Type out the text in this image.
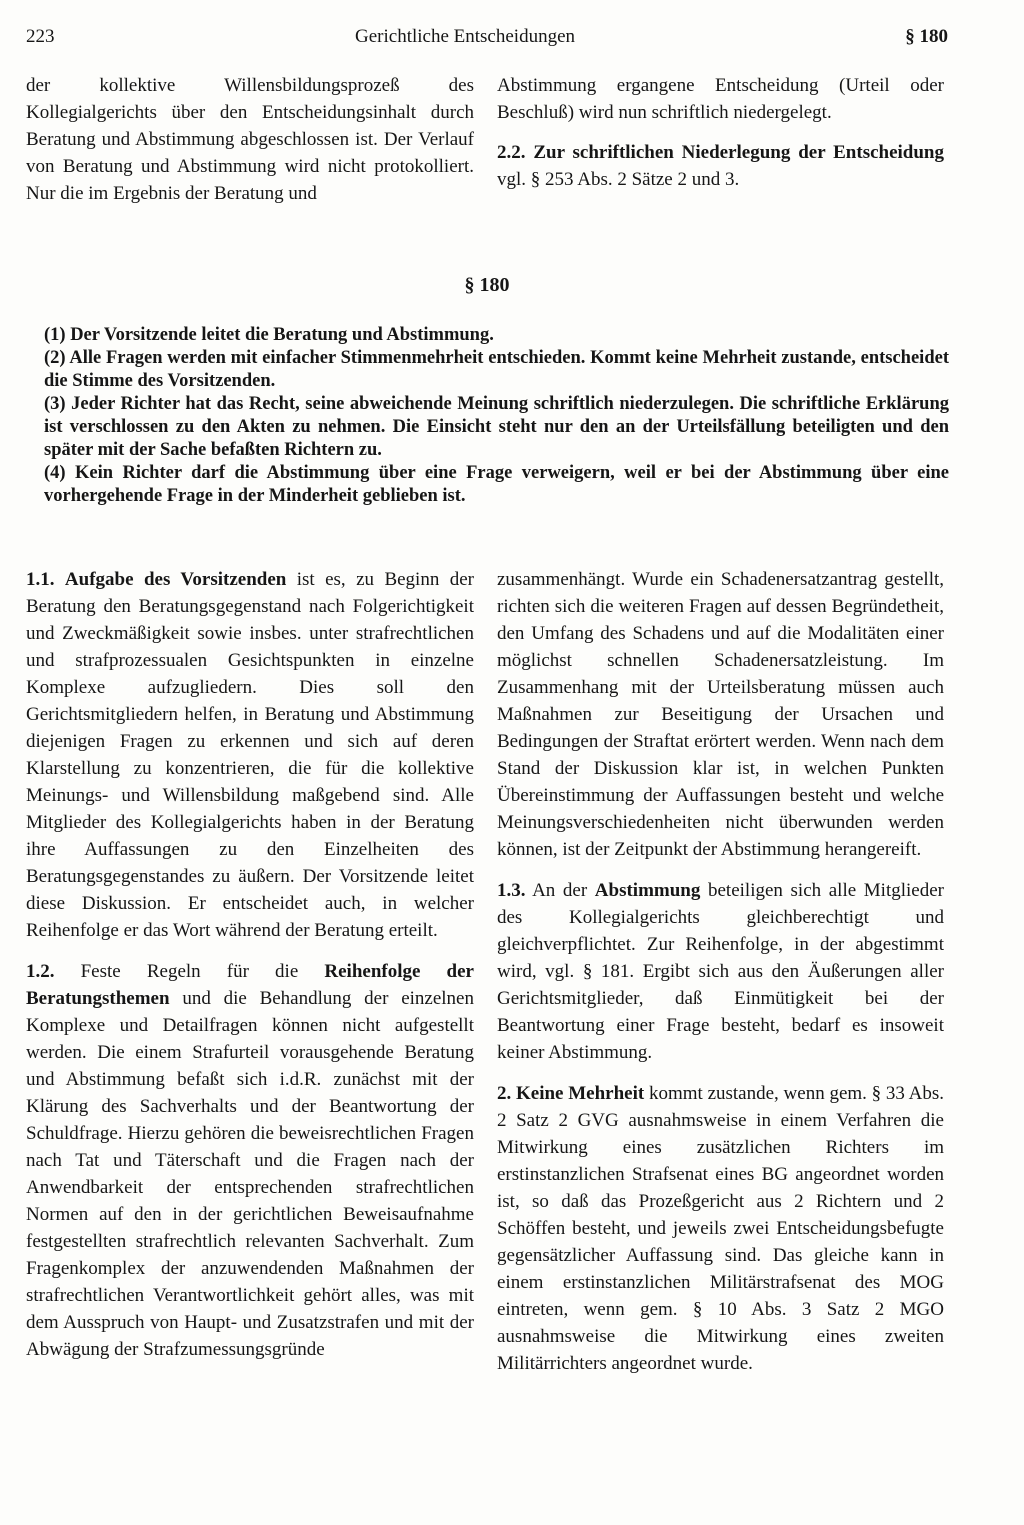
223	Gerichtliche Entscheidungen	§ 180

der kollektive Willensbildungsprozeß des Kollegialgerichts über den Entscheidungsinhalt durch Beratung und Abstimmung abgeschlossen ist. Der Verlauf von Beratung und Abstimmung wird nicht protokolliert. Nur die im Ergebnis der Beratung und

Abstimmung ergangene Entscheidung (Urteil oder Beschluß) wird nun schriftlich niedergelegt.

2.2. Zur schriftlichen Niederlegung der Entscheidung vgl. § 253 Abs. 2 Sätze 2 und 3.

§ 180

(1) Der Vorsitzende leitet die Beratung und Abstimmung.

(2) Alle Fragen werden mit einfacher Stimmenmehrheit entschieden. Kommt keine Mehrheit zustande, entscheidet die Stimme des Vorsitzenden.

(3) Jeder Richter hat das Recht, seine abweichende Meinung schriftlich niederzulegen. Die schriftliche Erklärung ist verschlossen zu den Akten zu nehmen. Die Einsicht steht nur den an der Urteilsfällung beteiligten und den später mit der Sache befaßten Richtern zu.

(4) Kein Richter darf die Abstimmung über eine Frage verweigern, weil er bei der Abstimmung über eine vorhergehende Frage in der Minderheit geblieben ist.

1.1. Aufgabe des Vorsitzenden ist es, zu Beginn der Beratung den Beratungsgegenstand nach Folgerichtigkeit und Zweckmäßigkeit sowie insbes. unter strafrechtlichen und strafprozessualen Gesichtspunkten in einzelne Komplexe aufzugliedern. Dies soll den Gerichtsmitgliedern helfen, in Beratung und Abstimmung diejenigen Fragen zu erkennen und sich auf deren Klarstellung zu konzentrieren, die für die kollektive Meinungs- und Willensbildung maßgebend sind. Alle Mitglieder des Kollegialgerichts haben in der Beratung ihre Auffassungen zu den Einzelheiten des Beratungsgegenstandes zu äußern. Der Vorsitzende leitet diese Diskussion. Er entscheidet auch, in welcher Reihenfolge er das Wort während der Beratung erteilt.

1.2. Feste Regeln für die Reihenfolge der Beratungsthemen und die Behandlung der einzelnen Komplexe und Detailfragen können nicht aufgestellt werden. Die einem Strafurteil vorausgehende Beratung und Abstimmung befaßt sich i.d.R. zunächst mit der Klärung des Sachverhalts und der Beantwortung der Schuldfrage. Hierzu gehören die beweisrechtlichen Fragen nach Tat und Täterschaft und die Fragen nach der Anwendbarkeit der entsprechenden strafrechtlichen Normen auf den in der gerichtlichen Beweisaufnahme festgestellten strafrechtlich relevanten Sachverhalt. Zum Fragenkomplex der anzuwendenden Maßnahmen der strafrechtlichen Verantwortlichkeit gehört alles, was mit dem Ausspruch von Haupt- und Zusatzstrafen und mit der Abwägung der Strafzumessungsgründe

zusammenhängt. Wurde ein Schadenersatzantrag gestellt, richten sich die weiteren Fragen auf dessen Begründetheit, den Umfang des Schadens und auf die Modalitäten einer möglichst schnellen Schadenersatzleistung. Im Zusammenhang mit der Urteilsberatung müssen auch Maßnahmen zur Beseitigung der Ursachen und Bedingungen der Straftat erörtert werden. Wenn nach dem Stand der Diskussion klar ist, in welchen Punkten Übereinstimmung der Auffassungen besteht und welche Meinungsverschiedenheiten nicht überwunden werden können, ist der Zeitpunkt der Abstimmung herangereift.

1.3. An der Abstimmung beteiligen sich alle Mitglieder des Kollegialgerichts gleichberechtigt und gleichverpflichtet. Zur Reihenfolge, in der abgestimmt wird, vgl. § 181. Ergibt sich aus den Äußerungen aller Gerichtsmitglieder, daß Einmütigkeit bei der Beantwortung einer Frage besteht, bedarf es insoweit keiner Abstimmung.

2. Keine Mehrheit kommt zustande, wenn gem. § 33 Abs. 2 Satz 2 GVG ausnahmsweise in einem Verfahren die Mitwirkung eines zusätzlichen Richters im erstinstanzlichen Strafsenat eines BG angeordnet worden ist, so daß das Prozeßgericht aus 2 Richtern und 2 Schöffen besteht, und jeweils zwei Entscheidungsbefugte gegensätzlicher Auffassung sind. Das gleiche kann in einem erstinstanzlichen Militärstrafsenat des MOG eintreten, wenn gem. § 10 Abs. 3 Satz 2 MGO ausnahmsweise die Mitwirkung eines zweiten Militärrichters angeordnet wurde.
